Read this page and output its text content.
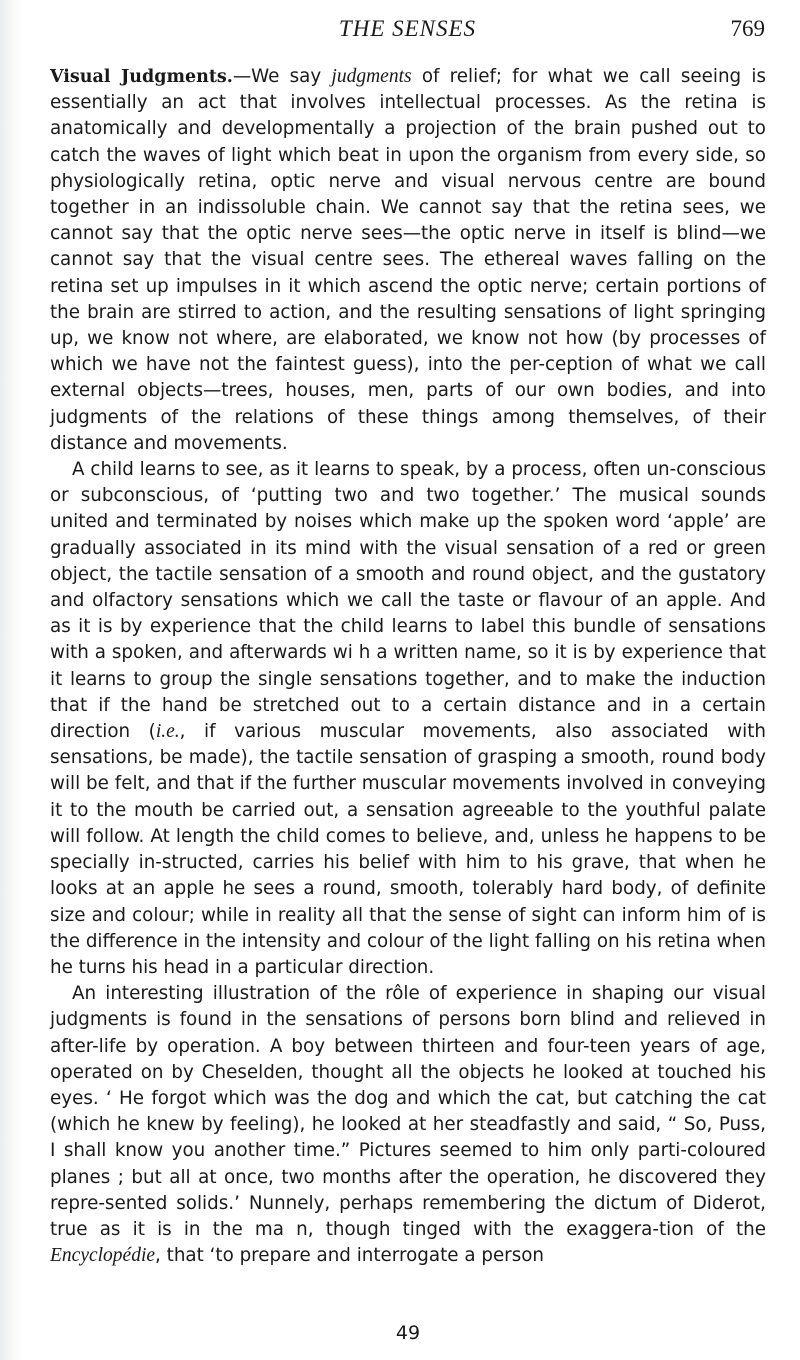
THE SENSES	769

Visual Judgments.—We say judgments of relief; for what we call seeing is essentially an act that involves intellectual processes. As the retina is anatomically and developmentally a projection of the brain pushed out to catch the waves of light which beat in upon the organism from every side, so physiologically retina, optic nerve and visual nervous centre are bound together in an indissoluble chain. We cannot say that the retina sees, we cannot say that the optic nerve sees—the optic nerve in itself is blind—we cannot say that the visual centre sees. The ethereal waves falling on the retina set up impulses in it which ascend the optic nerve; certain portions of the brain are stirred to action, and the resulting sensations of light springing up, we know not where, are elaborated, we know not how (by processes of which we have not the faintest guess), into the per-ception of what we call external objects—trees, houses, men, parts of our own bodies, and into judgments of the relations of these things among themselves, of their distance and movements.

A child learns to see, as it learns to speak, by a process, often un-conscious or subconscious, of ‘putting two and two together.’ The musical sounds united and terminated by noises which make up the spoken word ‘apple’ are gradually associated in its mind with the visual sensation of a red or green object, the tactile sensation of a smooth and round object, and the gustatory and olfactory sensations which we call the taste or flavour of an apple. And as it is by experience that the child learns to label this bundle of sensations with a spoken, and afterwards wi h a written name, so it is by experience that it learns to group the single sensations together, and to make the induction that if the hand be stretched out to a certain distance and in a certain direction (i.e., if various muscular movements, also associated with sensations, be made), the tactile sensation of grasping a smooth, round body will be felt, and that if the further muscular movements involved in conveying it to the mouth be carried out, a sensation agreeable to the youthful palate will follow. At length the child comes to believe, and, unless he happens to be specially in-structed, carries his belief with him to his grave, that when he looks at an apple he sees a round, smooth, tolerably hard body, of definite size and colour; while in reality all that the sense of sight can inform him of is the difference in the intensity and colour of the light falling on his retina when he turns his head in a particular direction.

An interesting illustration of the rôle of experience in shaping our visual judgments is found in the sensations of persons born blind and relieved in after-life by operation. A boy between thirteen and four-teen years of age, operated on by Cheselden, thought all the objects he looked at touched his eyes. ‘ He forgot which was the dog and which the cat, but catching the cat (which he knew by feeling), he looked at her steadfastly and said, “ So, Puss, I shall know you another time.” Pictures seemed to him only parti-coloured planes ; but all at once, two months after the operation, he discovered they repre-sented solids.’ Nunnely, perhaps remembering the dictum of Diderot, true as it is in the ma n, though tinged with the exaggera-tion of the Encyclopédie, that ‘to prepare and interrogate a person

49
